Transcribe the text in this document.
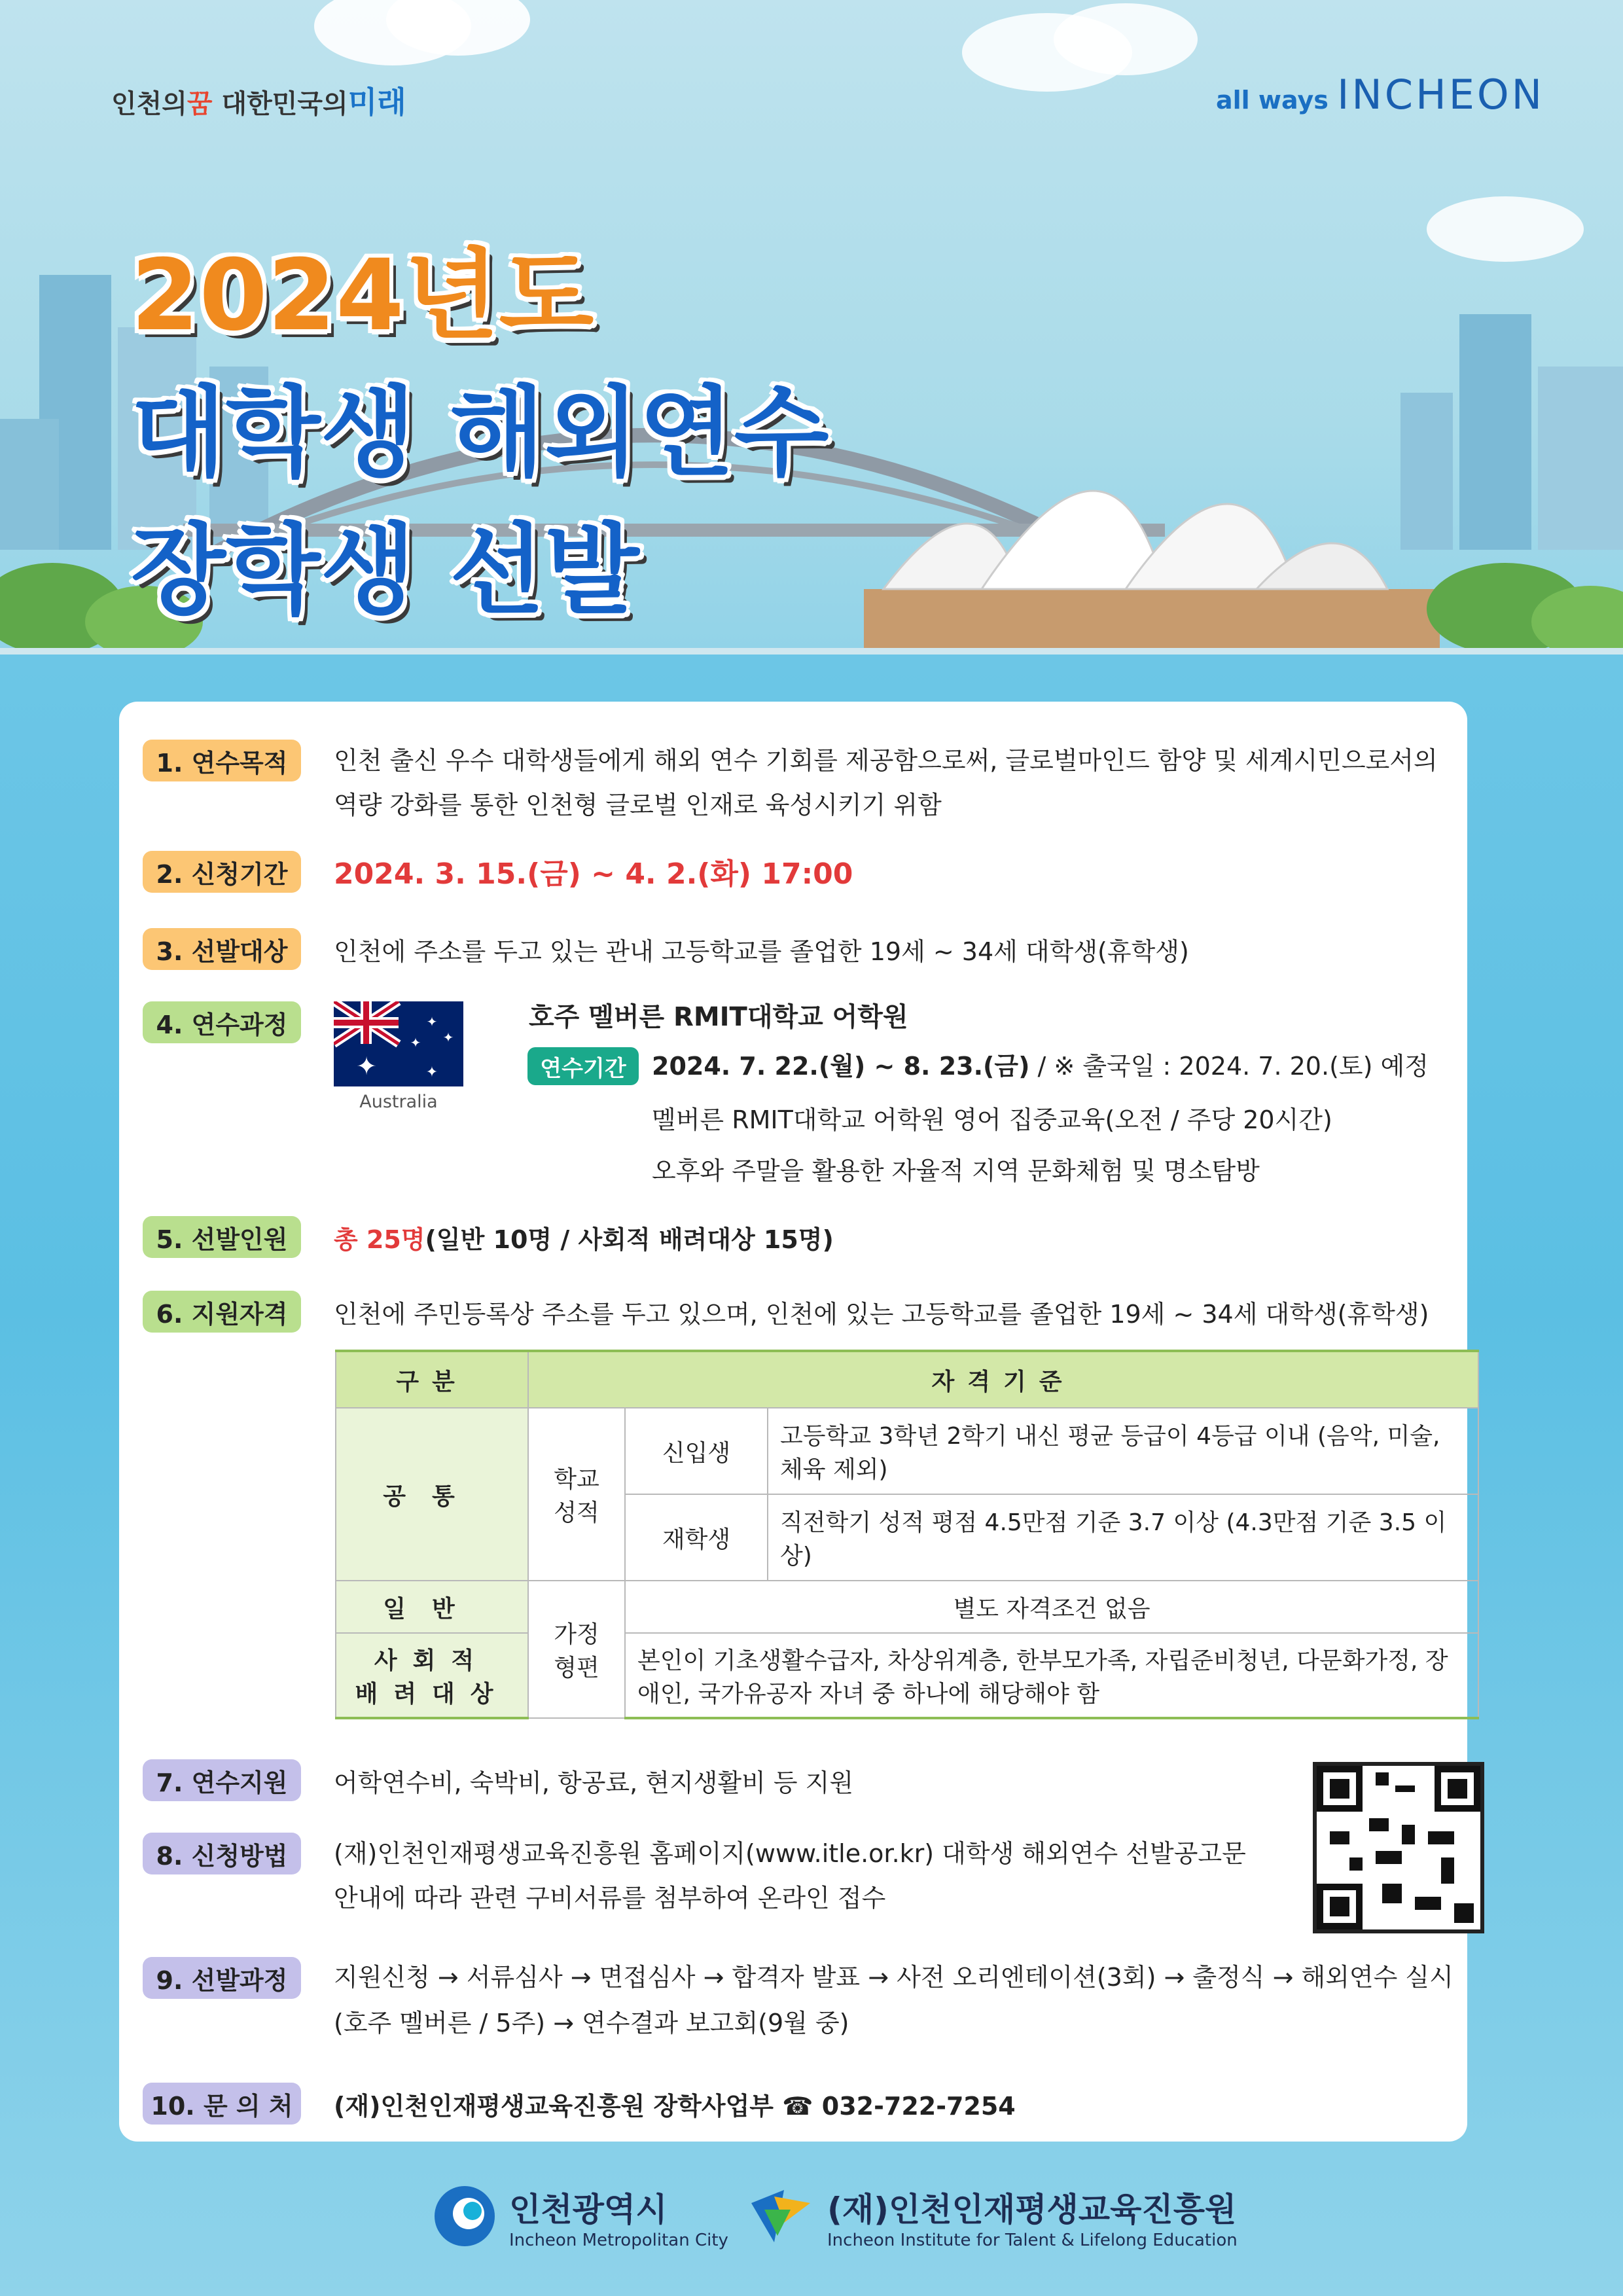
인천의꿈 대한민국의미래	all ways INCHEON
2024년도
대학생 해외연수
장학생 선발
1. 연수목적	인천 출신 우수 대학생들에게 해외 연수 기회를 제공함으로써, 글로벌마인드 함양 및 세계시민으로서의 역량 강화를 통한 인천형 글로벌 인재로 육성시키기 위함
2. 신청기간	2024. 3. 15.(금) ~ 4. 2.(화) 17:00
3. 선발대상	인천에 주소를 두고 있는 관내 고등학교를 졸업한 19세 ~ 34세 대학생(휴학생)
4. 연수과정
✦
✦
✦ ✦
✦
Australia
호주 멜버른 RMIT대학교 어학원
연수기간	2024. 7. 22.(월) ~ 8. 23.(금) / ※ 출국일 : 2024. 7. 20.(토) 예정
멜버른 RMIT대학교 어학원 영어 집중교육(오전 / 주당 20시간)
오후와 주말을 활용한 자율적 지역 문화체험 및 명소탐방
5. 선발인원	총 25명(일반 10명 / 사회적 배려대상 15명)
6. 지원자격	인천에 주민등록상 주소를 두고 있으며, 인천에 있는 고등학교를 졸업한 19세 ~ 34세 대학생(휴학생)
구분	자격기준		
공통	학교 성적	신입생	고등학교 3학년 2학기 내신 평균 등급이 4등급 이내 (음악, 미술, 체육 제외)
		재학생	직전학기 성적 평점 4.5만점 기준 3.7 이상 (4.3만점 기준 3.5 이상)
일반	가정 형편	별도 자격조건 없음	
사회적 배려대상		본인이 기초생활수급자, 차상위계층, 한부모가족, 자립준비청년, 다문화가정, 장애인, 국가유공자 자녀 중 하나에 해당해야 함	
7. 연수지원	어학연수비, 숙박비, 항공료, 현지생활비 등 지원
8. 신청방법	(재)인천인재평생교육진흥원 홈페이지(www.itle.or.kr) 대학생 해외연수 선발공고문 안내에 따라 관련 구비서류를 첨부하여 온라인 접수
9. 선발과정	지원신청 → 서류심사 → 면접심사 → 합격자 발표 → 사전 오리엔테이션(3회) → 출정식 → 해외연수 실시(호주 멜버른 / 5주) → 연수결과 보고회(9월 중)
10. 문 의 처	(재)인천인재평생교육진흥원 장학사업부 ☎ 032-722-7254
인천광역시
Incheon Metropolitan City
(재)인천인재평생교육진흥원
Incheon Institute for Talent & Lifelong Education
